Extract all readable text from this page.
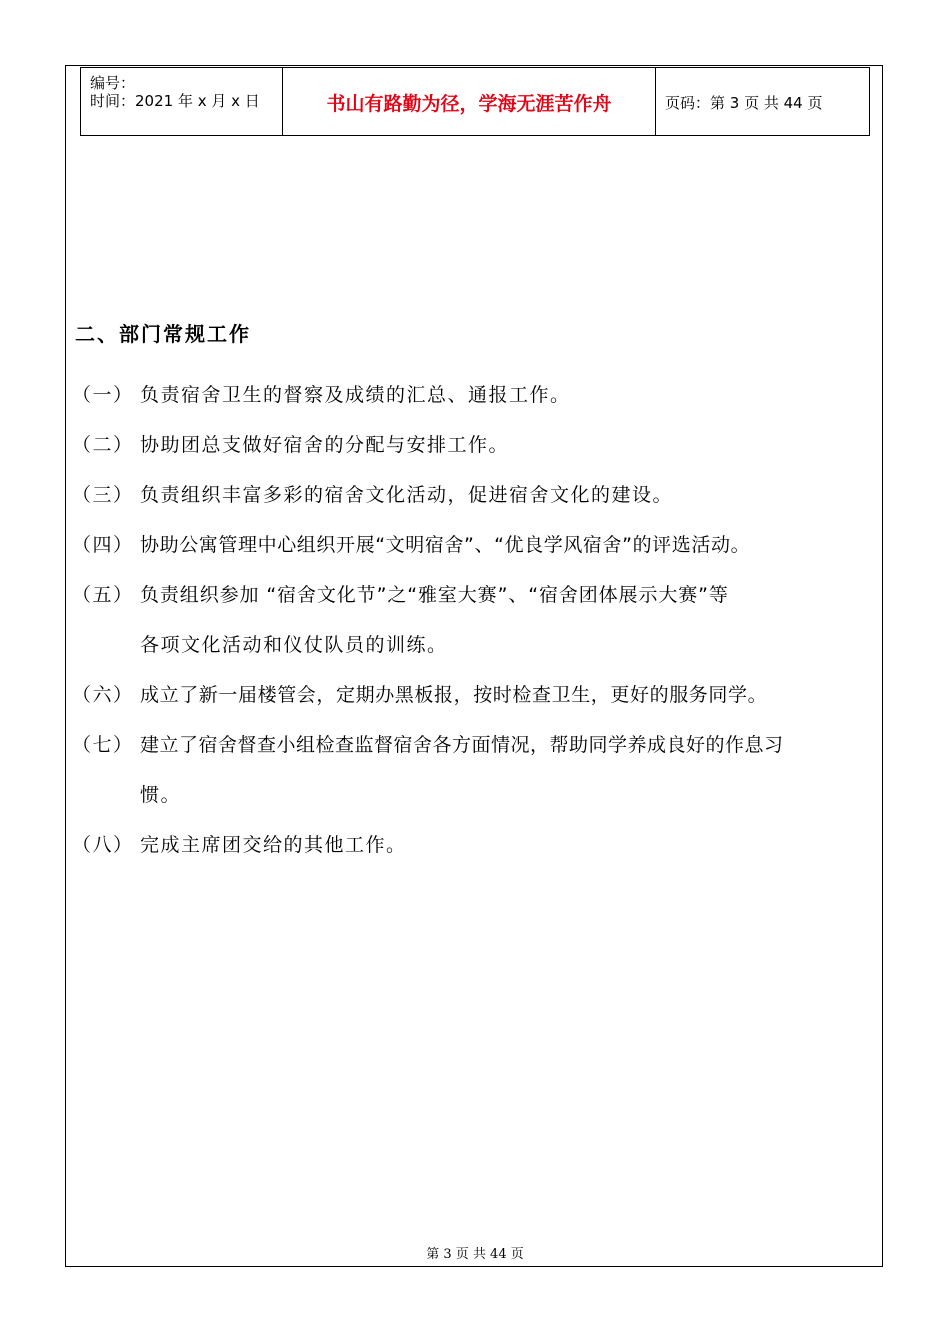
编号：
时间：2021 年 x 月 x 日	书山有路勤为径，学海无涯苦作舟	页码：第 3 页 共 44 页
二、部门常规工作
（一） 负责宿舍卫生的督察及成绩的汇总、通报工作。
（二） 协助团总支做好宿舍的分配与安排工作。
（三） 负责组织丰富多彩的宿舍文化活动，促进宿舍文化的建设。
（四） 协助公寓管理中心组织开展“文明宿舍”、“优良学风宿舍”的评选活动。
（五） 负责组织参加 “宿舍文化节”之“雅室大赛”、“宿舍团体展示大赛”等
各项文化活动和仪仗队员的训练。
（六） 成立了新一届楼管会，定期办黑板报，按时检查卫生，更好的服务同学。
（七） 建立了宿舍督查小组检查监督宿舍各方面情况，帮助同学养成良好的作息习
惯。
（八） 完成主席团交给的其他工作。
第 3 页 共 44 页
